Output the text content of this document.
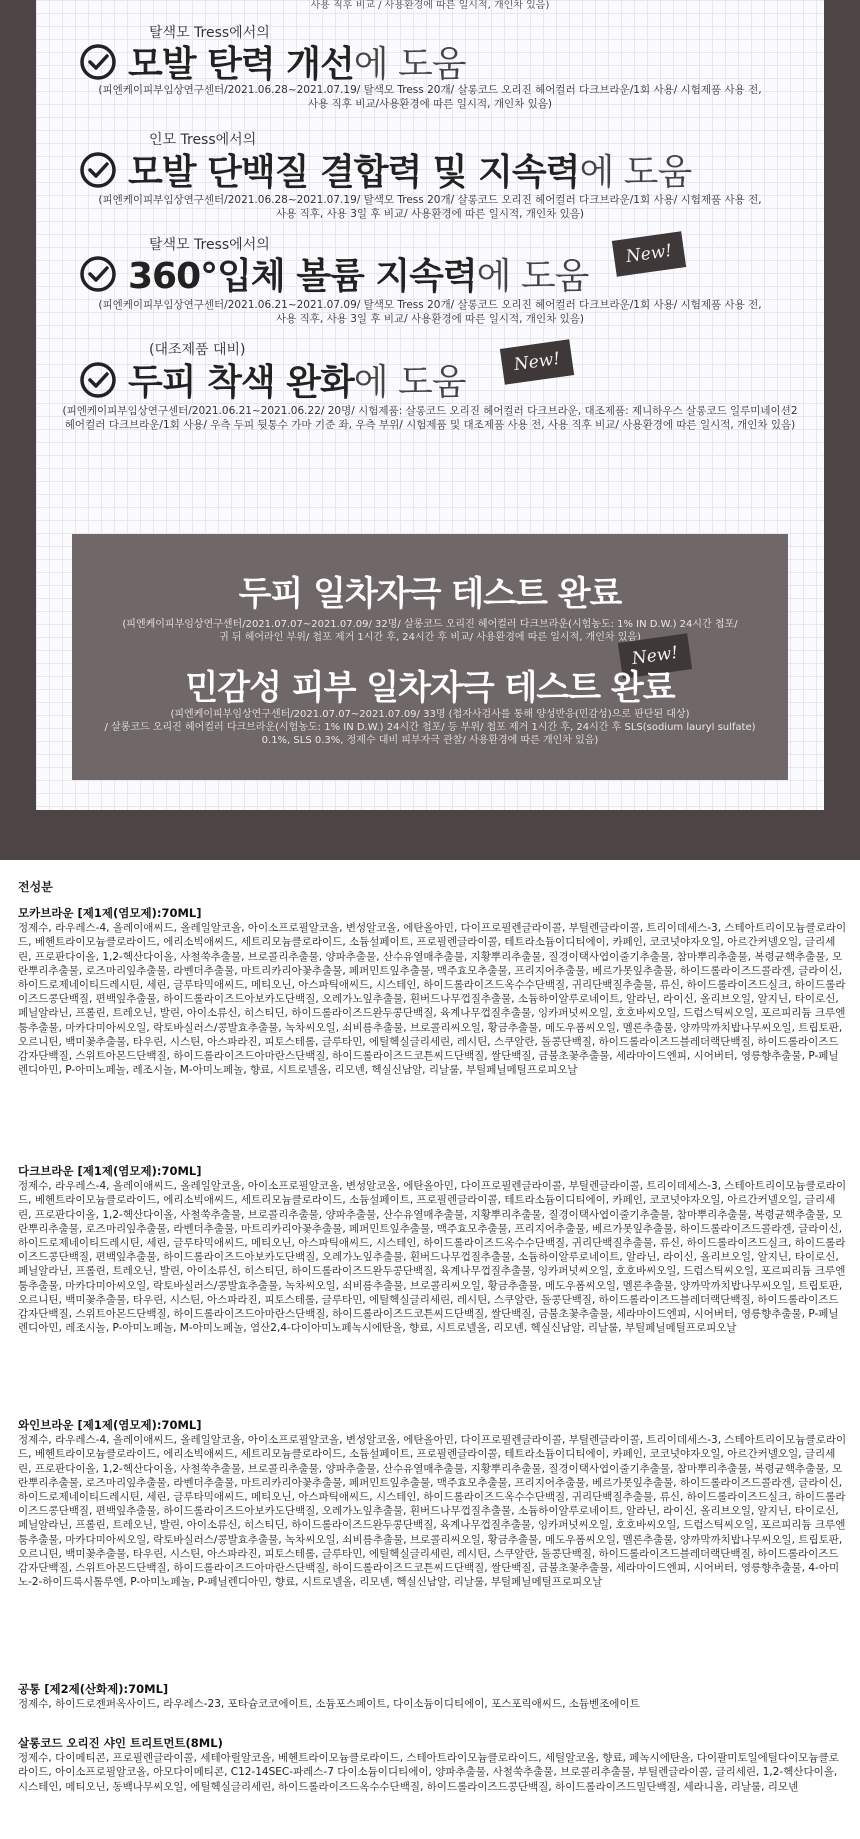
사용 직후 비교 / 사용환경에 따른 일시적, 개인차 있음)
탈색모 Tress에서의
모발 탄력 개선 에 도움
(피엔케이피부임상연구센터/2021.06.28~2021.07.19/ 탈색모 Tress 20개/ 살롱코드 오리진 헤어컬러 다크브라운/1회 사용/ 시험제품 사용 전,
사용 직후 비교/사용환경에 따른 일시적, 개인차 있음)
인모 Tress에서의
모발 단백질 결합력 및 지속력 에 도움
(피엔케이피부임상연구센터/2021.06.28~2021.07.19/ 탈색모 Tress 20개/ 살롱코드 오리진 헤어컬러 다크브라운/1회 사용/ 시험제품 사용 전,
사용 직후, 사용 3일 후 비교/ 사용환경에 따른 일시적, 개인차 있음)
탈색모 Tress에서의
360°입체 볼륨 지속력 에 도움
New!
(피엔케이피부임상연구센터/2021.06.21~2021.07.09/ 탈색모 Tress 20개/ 살롱코드 오리진 헤어컬러 다크브라운/1회 사용/ 시험제품 사용 전,
사용 직후, 사용 3일 후 비교/ 사용환경에 따른 일시적, 개인차 있음)
(대조제품 대비)
두피 착색 완화 에 도움	New!
(피엔케이피부임상연구센터/2021.06.21~2021.06.22/ 20명/ 시험제품: 살롱코드 오리진 헤어컬러 다크브라운, 대조제품: 제니하우스 살롱코드 일루미네이션2
헤어컬러 다크브라운/1회 사용/ 우측 두피 뒷통수 가마 기준 좌, 우측 부위/ 시험제품 및 대조제품 사용 전, 사용 직후 비교/ 사용환경에 따른 일시적, 개인차 있음)
두피 일차자극 테스트 완료
(피엔케이피부임상연구센터/2021.07.07~2021.07.09/ 32명/ 살롱코드 오리진 헤어컬러 다크브라운(시험농도: 1% IN D.W.) 24시간 첩포/
귀 뒤 헤어라인 부위/ 첩포 제거 1시간 후, 24시간 후 비교/ 사용환경에 따른 일시적, 개인차 있음)
New!
민감성 피부 일차자극 테스트 완료
(피엔케이피부임상연구센터/2021.07.07~2021.07.09/ 33명 (첩자사검사를 통해 양성반응(민감성)으로 판단된 대상)
/ 살롱코드 오리진 헤어컬러 다크브라운(시험농도: 1% IN D.W.) 24시간 첩포/ 등 부위/ 첩포 제거 1시간 후, 24시간 후 SLS(sodium lauryl sulfate)
0.1%, SLS 0.3%, 정제수 대비 피부자극 관찰/ 사용환경에 따른 개인차 있음)
전성분
모카브라운 [제1제(염모제):70ML]

정제수, 라우레스-4, 올레이애씨드, 올레일알코올, 아이소프로필알코올, 변성알코올, 에탄올아민, 다이프로필렌글라이콜, 부틸렌글라이콜, 트리이데세스-3, 스테아트리이모늄클로라이드, 베헨트라이모늄클로라이드, 에리소빅애씨드, 세트리모늄클로라이드, 소듐설페이트, 프로필렌글라이콜, 테트라소듐이디티에이, 카페인, 코코넛야자오일, 아르간커넬오일, 글리세린, 프로판다이올, 1,2-헥산다이올, 사철쑥추출물, 브로콜리추출물, 양파추출물, 산수유열매추출물, 지황뿌리추출물, 질경이택사엽이줄기추출물, 참마뿌리추출물, 복령균핵추출물, 모란뿌리추출물, 로즈마리잎추출물, 라벤더추출물, 마트리카리아꽃추출물, 페퍼민트잎추출물, 맥주효모추출물, 프리지어추출물, 베르가못잎추출물, 하이드롤라이즈드콜라겐, 글라이신, 하이드로제네이티드레시틴, 세린, 글루타믹애씨드, 메티오닌, 아스파틱애씨드, 시스테인, 하이드롤라이즈드옥수수단백질, 귀리단백질추출물, 류신, 하이드롤라이즈드실크, 하이드롤라이즈드콩단백질, 편백잎추출물, 하이드롤라이즈드아보카도단백질, 오레가노잎추출물, 흰버드나무껍질추출물, 소듐하이알루로네이트, 알라닌, 라이신, 올리브오일, 알지닌, 타이로신, 페닐알라닌, 프롤린, 트레오닌, 발린, 아이소류신, 히스티딘, 하이드롤라이즈드완두콩단백질, 육계나무껍질추출물, 잉카퍼넛씨오일, 호호바씨오일, 드럼스틱씨오일, 포르피리듐 크루엔툼추출물, 마카다미아씨오일, 락토바실러스/콩발효추출물, 녹차씨오일, 쇠비름추출물, 브로콜리씨오일, 황금추출물, 메도우폼씨오일, 멜론추출물, 양까막까치밥나무씨오일, 트립토판, 오르니틴, 백미꽃추출물, 타우린, 시스틴, 아스파라진, 피토스테롤, 글루타민, 에틸헥실글리세린, 레시틴, 스쿠알란, 돌콩단백질, 하이드롤라이즈드블레더랙단백질, 하이드롤라이즈드감자단백질, 스위트아몬드단백질, 하이드롤라이즈드아마란스단백질, 하이드롤라이즈드코튼씨드단백질, 쌀단백질, 금불초꽃추출물, 세라마이드엔피, 시어버터, 영릉향추출물, P-페닐렌디아민, P-아미노페놀, 레조시놀, M-아미노페놀, 향료, 시트로넬올, 리모넨, 헥실신남알, 리날룰, 부틸페닐메틸프로피오날

다크브라운 [제1제(염모제):70ML]

정제수, 라우레스-4, 올레이애씨드, 올레일알코올, 아이소프로필알코올, 변성알코올, 에탄올아민, 다이프로필렌글라이콜, 부틸렌글라이콜, 트리이데세스-3, 스테아트리이모늄클로라이드, 베헨트라이모늄클로라이드, 에리소빅애씨드, 세트리모늄클로라이드, 소듐설페이트, 프로필렌글라이콜, 테트라소듐이디티에이, 카페인, 코코넛야자오일, 아르간커넬오일, 글리세린, 프로판다이올, 1,2-헥산다이올, 사철쑥추출물, 브로콜리추출물, 양파추출물, 산수유열매추출물, 지황뿌리추출물, 질경이택사엽이줄기추출물, 참마뿌리추출물, 복령균핵추출물, 모란뿌리추출물, 로즈마리잎추출물, 라벤더추출물, 마트리카리아꽃추출물, 페퍼민트잎추출물, 맥주효모추출물, 프리지어추출물, 베르가못잎추출물, 하이드롤라이즈드콜라겐, 글라이신, 하이드로제네이티드레시틴, 세린, 글루타믹애씨드, 메티오닌, 아스파틱애씨드, 시스테인, 하이드롤라이즈드옥수수단백질, 귀리단백질추출물, 류신, 하이드롤라이즈드실크, 하이드롤라이즈드콩단백질, 편백잎추출물, 하이드롤라이즈드아보카도단백질, 오레가노잎추출물, 흰버드나무껍질추출물, 소듐하이알루로네이트, 알라닌, 라이신, 올리브오일, 알지닌, 타이로신, 페닐알라닌, 프롤린, 트레오닌, 발린, 아이소류신, 히스티딘, 하이드롤라이즈드완두콩단백질, 육계나무껍질추출물, 잉카퍼넛씨오일, 호호바씨오일, 드럼스틱씨오일, 포르피리듐 크루엔툼추출물, 마카다미아씨오일, 락토바실러스/콩발효추출물, 녹차씨오일, 쇠비름추출물, 브로콜리씨오일, 황금추출물, 메도우폼씨오일, 멜론추출물, 양까막까치밥나무씨오일, 트립토판, 오르니틴, 백미꽃추출물, 타우린, 시스틴, 아스파라진, 피토스테롤, 글루타민, 에틸헥실글리세린, 레시틴, 스쿠알란, 돌콩단백질, 하이드롤라이즈드블레더랙단백질, 하이드롤라이즈드감자단백질, 스위트아몬드단백질, 하이드롤라이즈드아마란스단백질, 하이드롤라이즈드코튼씨드단백질, 쌀단백질, 금불초꽃추출물, 세라마이드엔피, 시어버터, 영릉향추출물, P-페닐렌디아민, 레조시놀, P-아미노페놀, M-아미노페놀, 염산2,4-다이아미노페녹시에탄올, 향료, 시트로넬올, 리모넨, 헥실신남알, 리날룰, 부틸페닐메틸프로피오날

와인브라운 [제1제(염모제):70ML]

정제수, 라우레스-4, 올레이애씨드, 올레일알코올, 아이소프로필알코올, 변성알코올, 에탄올아민, 다이프로필렌글라이콜, 부틸렌글라이콜, 트리이데세스-3, 스테아트리이모늄클로라이드, 베헨트라이모늄클로라이드, 에리소빅애씨드, 세트리모늄클로라이드, 소듐설페이트, 프로필렌글라이콜, 테트라소듐이디티에이, 카페인, 코코넛야자오일, 아르간커넬오일, 글리세린, 프로판다이올, 1,2-헥산다이올, 사철쑥추출물, 브로콜리추출물, 양파추출물, 산수유열매추출물, 지황뿌리추출물, 질경이택사엽이줄기추출물, 참마뿌리추출물, 복령균핵추출물, 모란뿌리추출물, 로즈마리잎추출물, 라벤더추출물, 마트리카리아꽃추출물, 페퍼민트잎추출물, 맥주효모추출물, 프리지어추출물, 베르가못잎추출물, 하이드롤라이즈드콜라겐, 글라이신, 하이드로제네이티드레시틴, 세린, 글루타믹애씨드, 메티오닌, 아스파틱애씨드, 시스테인, 하이드롤라이즈드옥수수단백질, 귀리단백질추출물, 류신, 하이드롤라이즈드실크, 하이드롤라이즈드콩단백질, 편백잎추출물, 하이드롤라이즈드아보카도단백질, 오레가노잎추출물, 흰버드나무껍질추출물, 소듐하이알루로네이트, 알라닌, 라이신, 올리브오일, 알지닌, 타이로신, 페닐알라닌, 프롤린, 트레오닌, 발린, 아이소류신, 히스티딘, 하이드롤라이즈드완두콩단백질, 육계나무껍질추출물, 잉카퍼넛씨오일, 호호바씨오일, 드럼스틱씨오일, 포르피리듐 크루엔툼추출물, 마카다미아씨오일, 락토바실러스/콩발효추출물, 녹차씨오일, 쇠비름추출물, 브로콜리씨오일, 황금추출물, 메도우폼씨오일, 멜론추출물, 양까막까치밥나무씨오일, 트립토판, 오르니틴, 백미꽃추출물, 타우린, 시스틴, 아스파라진, 피토스테롤, 글루타민, 에틸헥실글리세린, 레시틴, 스쿠알란, 돌콩단백질, 하이드롤라이즈드블레더랙단백질, 하이드롤라이즈드감자단백질, 스위트아몬드단백질, 하이드롤라이즈드아마란스단백질, 하이드롤라이즈드코튼씨드단백질, 쌀단백질, 금불초꽃추출물, 세라마이드엔피, 시어버터, 영릉향추출물, 4-아미노-2-하이드록시톨루엔, P-아미노페놀, P-페닐렌디아민, 향료, 시트로넬올, 리모넨, 헥실신남알, 리날룰, 부틸페닐메틸프로피오날

공통 [제2제(산화제):70ML]

정제수, 하이드로젠퍼옥사이드, 라우레스-23, 포타슘코코에이트, 소듐포스페이트, 다이소듐이디티에이, 포스포릭애씨드, 소듐벤조에이트

살롱코드 오리진 샤인 트리트먼트(8ML)

정제수, 다이메티콘, 프로필렌글라이콜, 세테아릴알코올, 베헨트라이모늄클로라이드, 스테아트라이모늄클로라이드, 세틸알코올, 향료, 페녹시에탄올, 다이팔미토일에틸다이모늄클로라이드, 아이소프로필알코올, 아모다이메티콘, C12-14SEC-파레스-7 다이소듐이디티에이, 양파추출물, 사철쑥추출물, 브로콜리추출물, 부틸렌글라이콜, 글리세린, 1,2-헥산다이올, 시스테인, 메티오닌, 동백나무씨오일, 에틸헥실글리세린, 하이드롤라이즈드옥수수단백질, 하이드롤라이즈드콩단백질, 하이드롤라이즈드밀단백질, 세라니올, 리날룰, 리모넨
